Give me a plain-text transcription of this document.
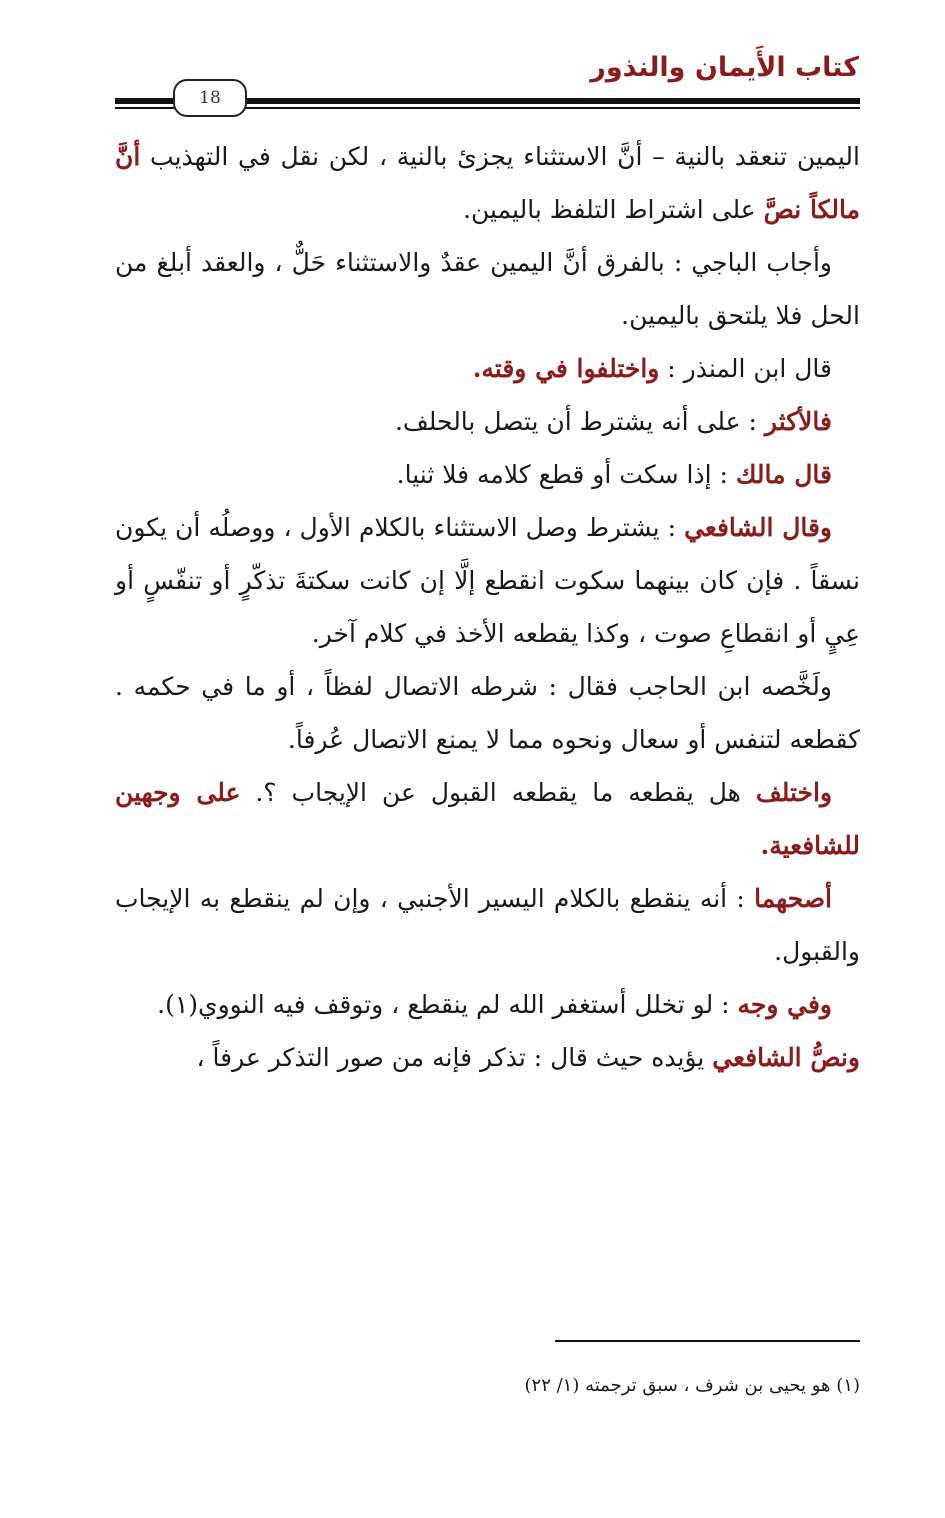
كتاب الأَيمان والنذور
18

اليمين تنعقد بالنية – أنَّ الاستثناء يجزئ بالنية ، لكن نقل في التهذيب أنَّ مالكاً نصَّ على اشتراط التلفظ باليمين.

وأجاب الباجي : بالفرق أنَّ اليمين عقدٌ والاستثناء حَلٌّ ، والعقد أبلغ من الحل فلا يلتحق باليمين.

قال ابن المنذر : واختلفوا في وقته.

فالأكثر : على أنه يشترط أن يتصل بالحلف.

قال مالك : إذا سكت أو قطع كلامه فلا ثنيا.

وقال الشافعي : يشترط وصل الاستثناء بالكلام الأول ، ووصلُه أن يكون نسقاً . فإن كان بينهما سكوت انقطع إلَّا إن كانت سكتةَ تذكّرٍ أو تنفّسٍ أو عِيٍ أو انقطاعِ صوت ، وكذا يقطعه الأخذ في كلام آخر.

ولَخَّصه ابن الحاجب فقال : شرطه الاتصال لفظاً ، أو ما في حكمه . كقطعه لتنفس أو سعال ونحوه مما لا يمنع الاتصال عُرفاً.

واختلف هل يقطعه ما يقطعه القبول عن الإيجاب ؟. على وجهين للشافعية.

أصحهما : أنه ينقطع بالكلام اليسير الأجنبي ، وإن لم ينقطع به الإيجاب والقبول.

وفي وجه : لو تخلل أستغفر الله لم ينقطع ، وتوقف فيه النووي(١).

ونصُّ الشافعي يؤيده حيث قال : تذكر فإنه من صور التذكر عرفاً ،

(١) هو يحيى بن شرف ، سبق ترجمته (١/ ٢٢)
